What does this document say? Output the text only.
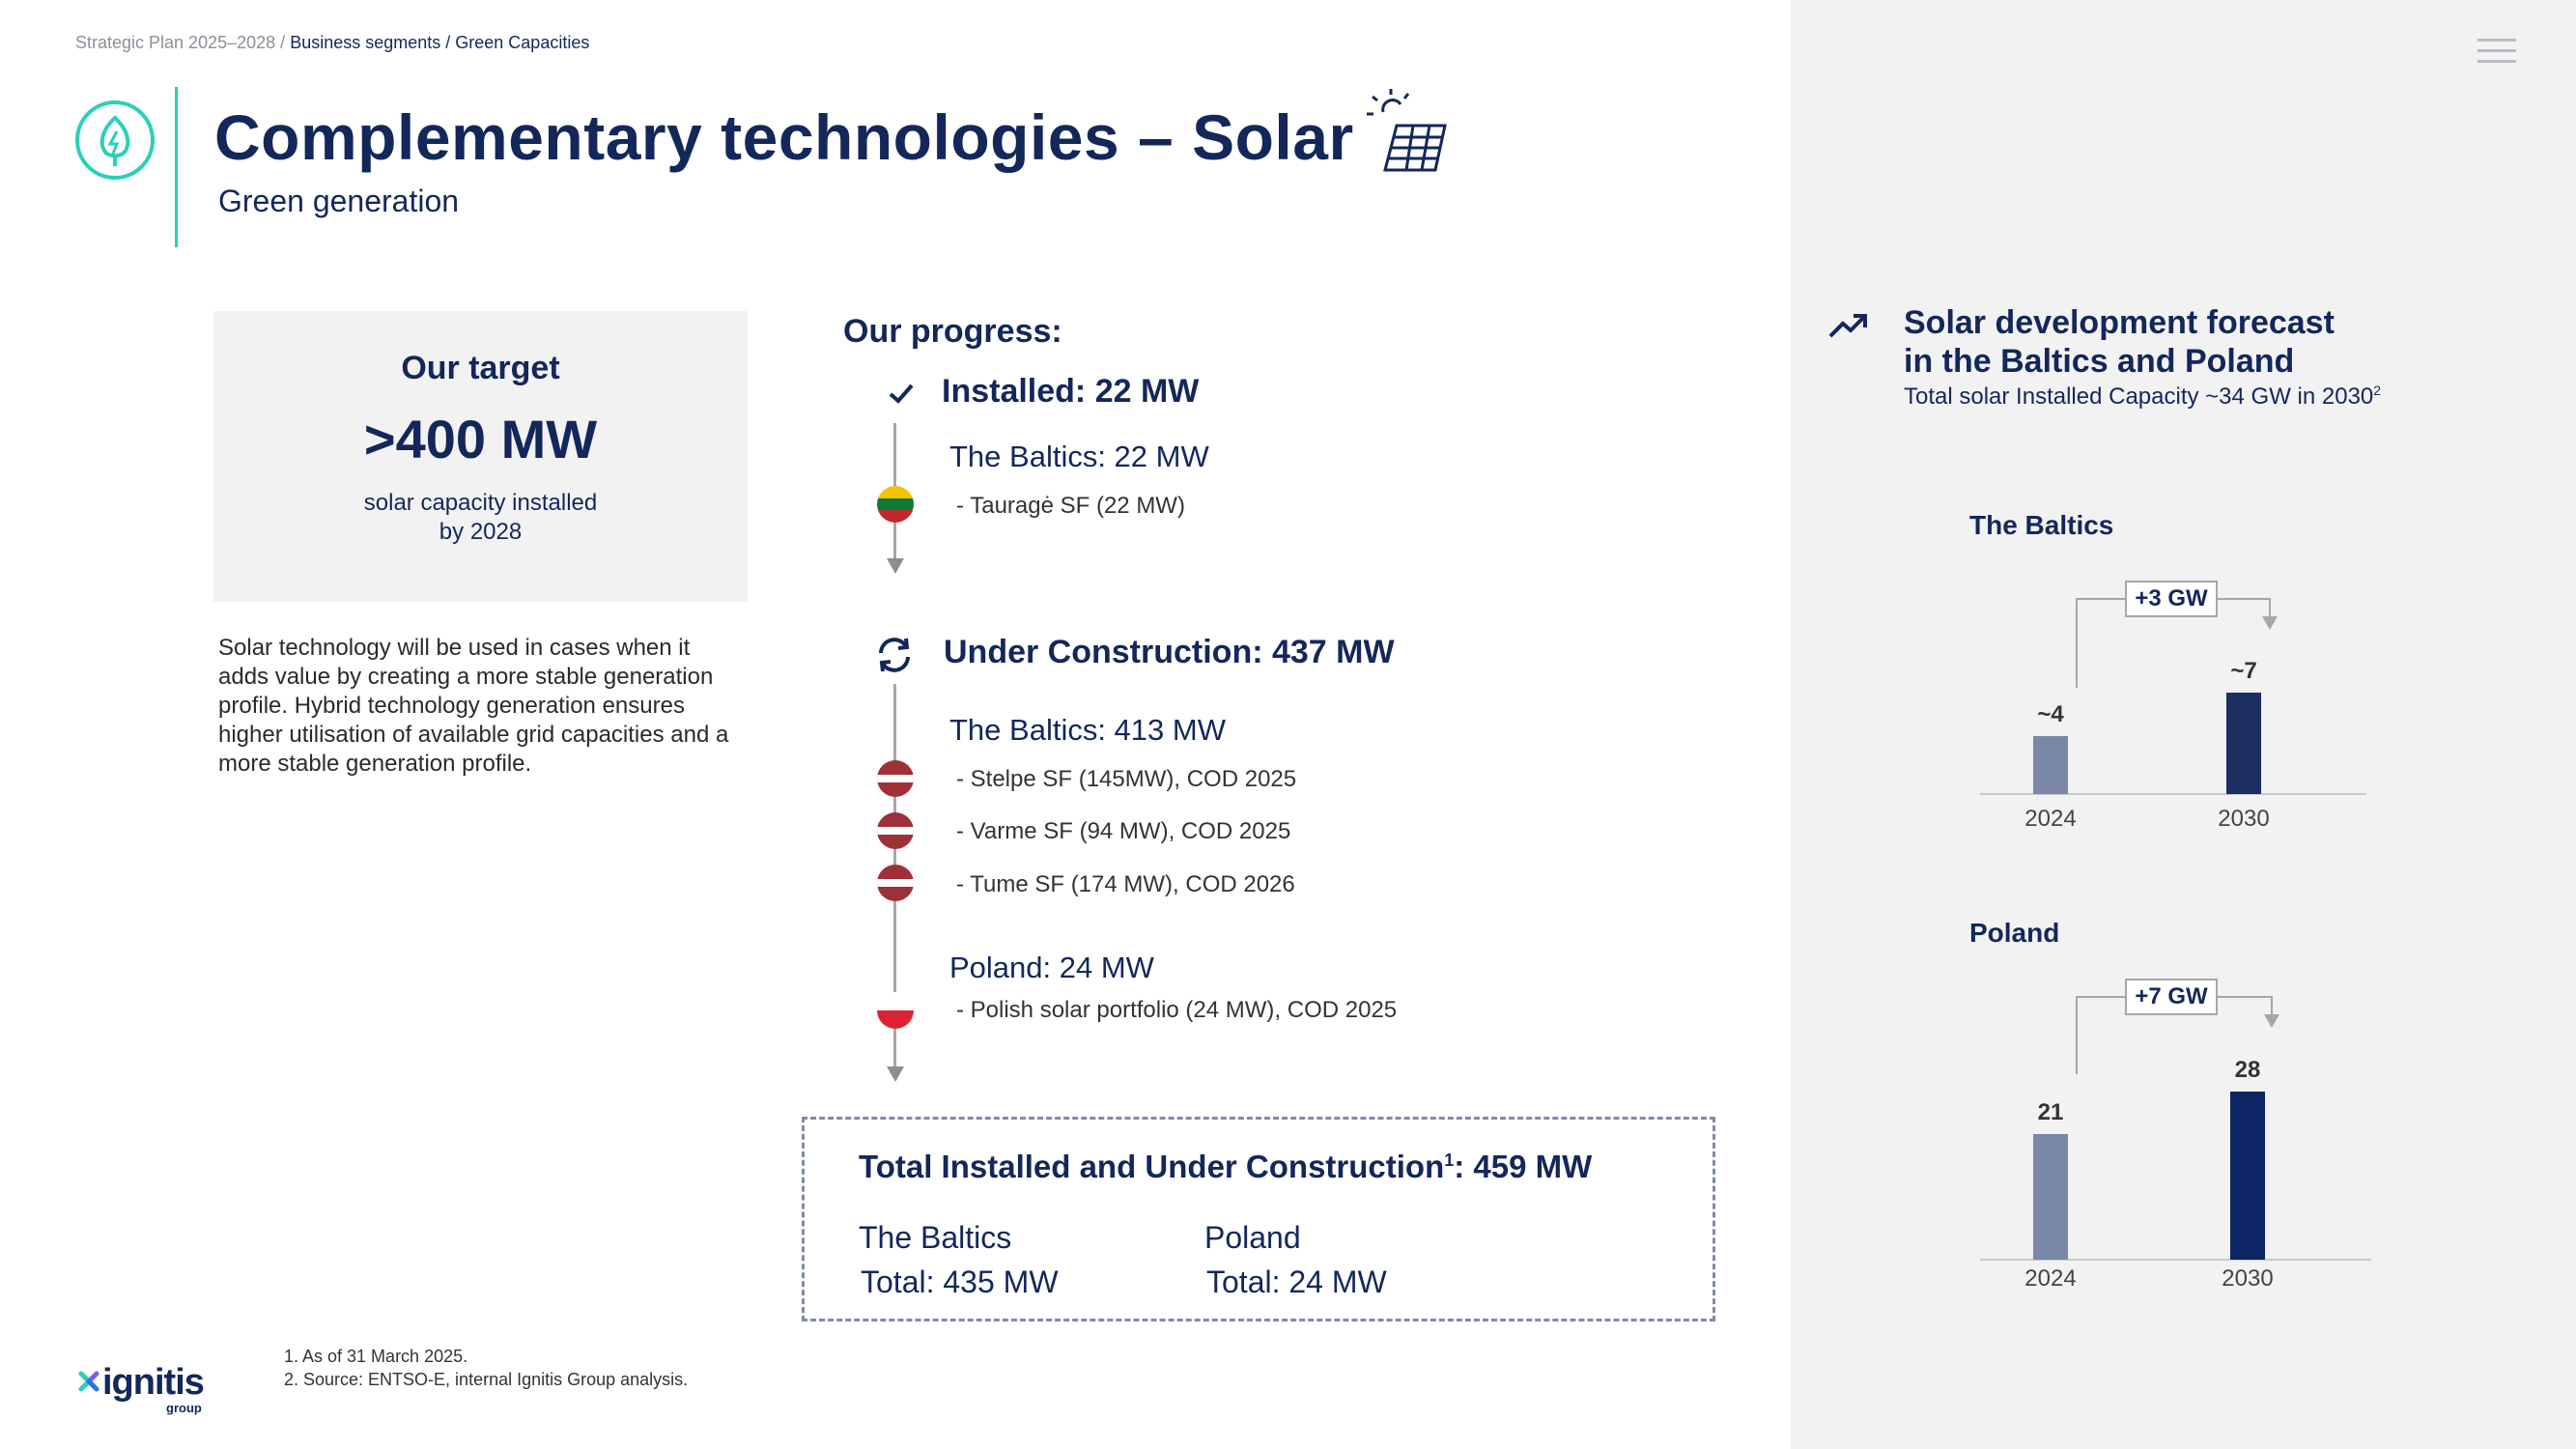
Strategic Plan 2025–2028 / Business segments / Green Capacities
Complementary technologies – Solar
Green generation
Our target
>400 MW
solar capacity installed
by 2028
Solar technology will be used in cases when it adds value by creating a more stable generation profile. Hybrid technology generation ensures higher utilisation of available grid capacities and a more stable generation profile.
Our progress:
Installed: 22 MW
The Baltics: 22 MW
- Tauragė SF (22 MW)
Under Construction: 437 MW
The Baltics: 413 MW
- Stelpe SF (145MW), COD 2025
- Varme SF (94 MW), COD 2025
- Tume SF (174 MW), COD 2026
Poland: 24 MW
- Polish solar portfolio (24 MW), COD 2025
Total Installed and Under Construction$^1$: 459 MW
The Baltics
Total: 435 MW
Poland
Total: 24 MW
Solar development forecast
in the Baltics and Poland
Total solar Installed Capacity ~34 GW in 2030$^2$
The Baltics
+3 GW
~4
2024
~7
2030
Poland
+7 GW
21
2024
28
2030
1. As of 31 March 2025.
2. Source: ENTSO-E, internal Ignitis Group analysis.
ignitis
group
